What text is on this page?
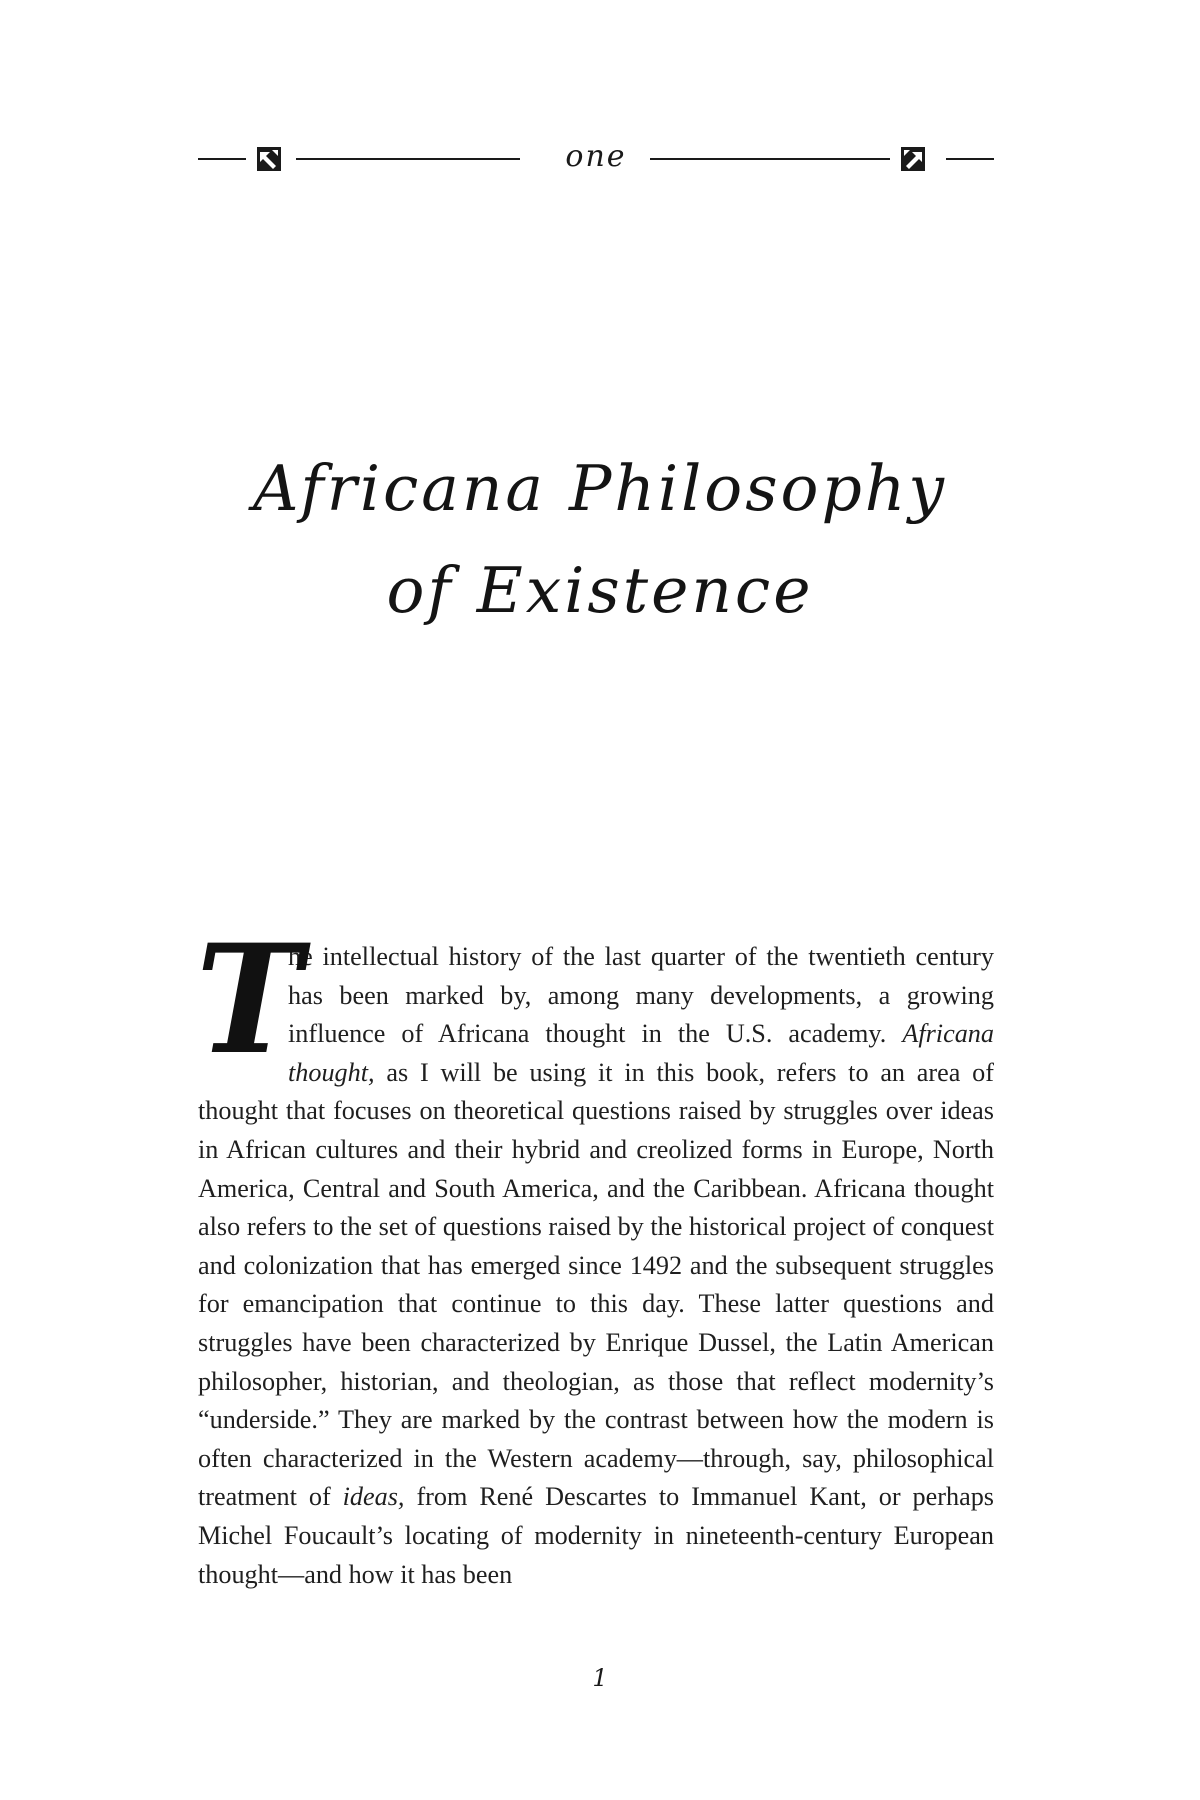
one
Africana Philosophy
of Existence

T
he intellectual history of the last quarter of the twentieth century has been marked by, among many developments, a growing influence of Africana thought in the U.S. academy. Africana thought, as I will be using it in this book, refers to an area of thought that focuses on theoretical questions raised by struggles over ideas in African cultures and their hybrid and creolized forms in Europe, North America, Central and South America, and the Caribbean. Africana thought also refers to the set of questions raised by the historical project of conquest and colonization that has emerged since 1492 and the subsequent struggles for emancipation that continue to this day. These latter questions and struggles have been characterized by Enrique Dussel, the Latin American philosopher, historian, and theologian, as those that reflect modernity’s “underside.” They are marked by the contrast between how the modern is often characterized in the Western academy—through, say, philosophical treatment of ideas, from René Descartes to Immanuel Kant, or perhaps Michel Foucault’s locating of modernity in nineteenth-century European thought—and how it has been

1
